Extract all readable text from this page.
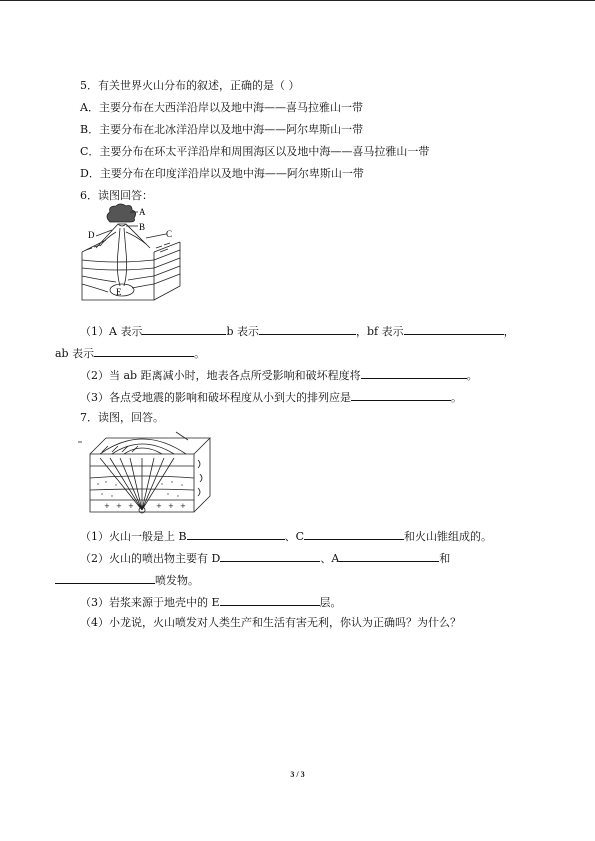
5．有关世界火山分布的叙述，正确的是（ ）
A．主要分布在大西洋沿岸以及地中海——喜马拉雅山一带
B．主要分布在北冰洋沿岸以及地中海——阿尔卑斯山一带
C．主要分布在环太平洋沿岸和周围海区以及地中海——喜马拉雅山一带
D．主要分布在印度洋沿岸以及地中海——阿尔卑斯山一带
6．读图回答：
A
B
C
D
E
（1）A 表示	b 表示	，bf 表示	，
ab 表示	。
（2）当 ab 距离减小时，地表各点所受影响和破坏程度将	。
（3）各点受地震的影响和破坏程度从小到大的排列应是	。
7．读图，回答。
+ + +	+ + +
（1）火山一般是上 B	、C	和火山锥组成的。
（2）火山的喷出物主要有 D	、A	和
喷发物。
（3）岩浆来源于地壳中的 E	层。
（4）小龙说，火山喷发对人类生产和生活有害无利，你认为正确吗？为什么？
3 / 3
